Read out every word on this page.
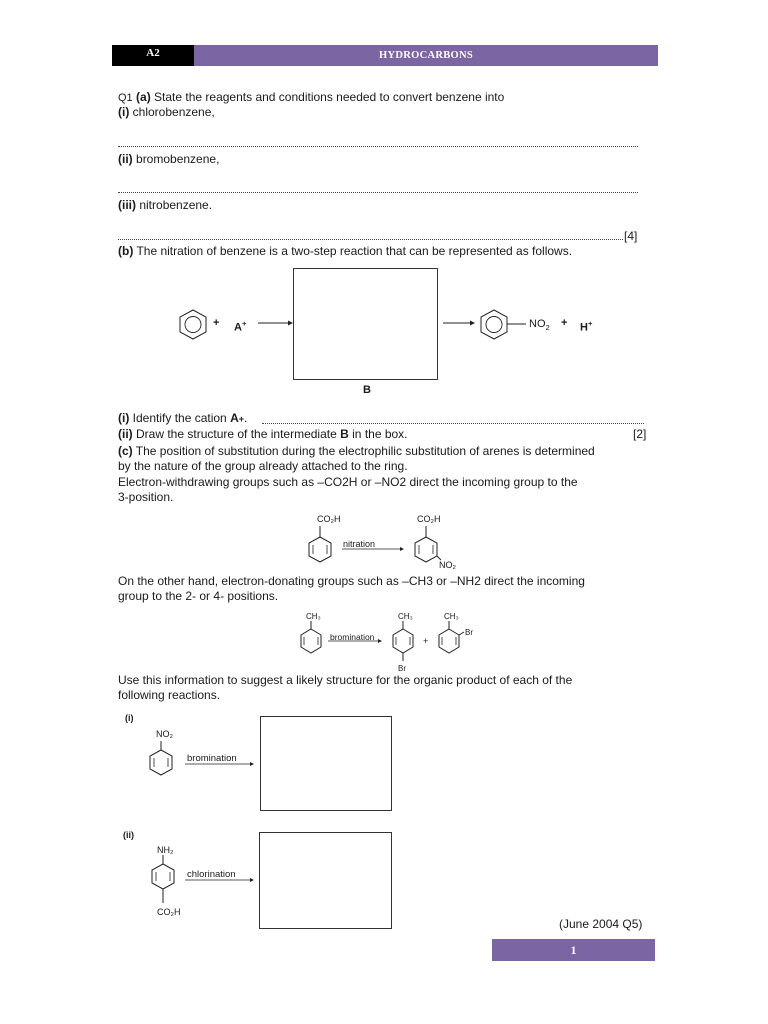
A2	HYDROCARBONS
Q1 (a) State the reagents and conditions needed to convert benzene into
(i) chlorobenzene,
(ii) bromobenzene,
(iii) nitrobenzene.
[4]
(b) The nitration of benzene is a two-step reaction that can be represented as follows.
+ A+
B
$NO_2 + H^+$
(i) Identify the cation A+.
(ii) Draw the structure of the intermediate B in the box.	[2]
(c) The position of substitution during the electrophilic substitution of arenes is determined
by the nature of the group already attached to the ring.
Electron-withdrawing groups such as –CO2H or –NO2 direct the incoming group to the
3-position.
CO₂H
nitration
CO₂H
NO₂
On the other hand, electron-donating groups such as –CH3 or –NH2 direct the incoming
group to the 2- or 4- positions.
CH₃
bromination
CH₃
Br
+
CH₃
Br
Use this information to suggest a likely structure for the organic product of each of the
following reactions.
(i)
NO₂
bromination
(ii)
NH₂
chlorination
CO₂H
(June 2004 Q5)
1
